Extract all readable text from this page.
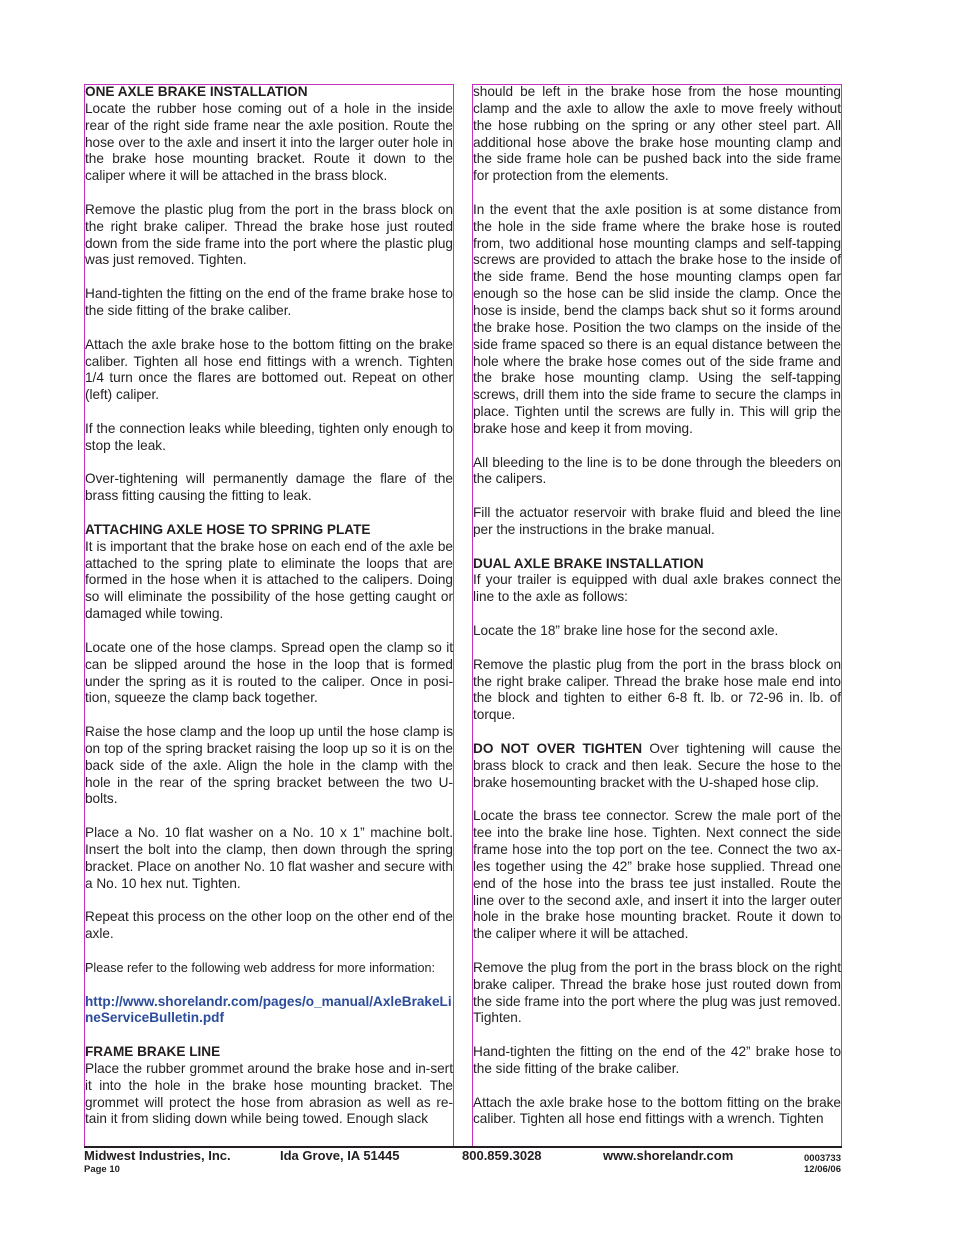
ONE AXLE BRAKE INSTALLATION

Locate the rubber hose coming out of a hole in the inside rear of the right side frame near the axle position. Route the hose over to the axle and insert it into the larger outer hole in the brake hose mounting bracket. Route it down to the caliper where it will be attached in the brass block.

Remove the plastic plug from the port in the brass block on the right brake caliper. Thread the brake hose just routed down from the side frame into the port where the plastic plug was just removed. Tighten.

Hand-tighten the fitting on the end of the frame brake hose to the side fitting of the brake caliber.

Attach the axle brake hose to the bottom fitting on the brake caliber. Tighten all hose end fittings with a wrench. Tighten 1/4 turn once the flares are bottomed out. Repeat on other (left) caliper.

If the connection leaks while bleeding, tighten only enough to stop the leak.

Over-tightening will permanently damage the flare of the brass fitting causing the fitting to leak.

ATTACHING AXLE HOSE TO SPRING PLATE

It is important that the brake hose on each end of the axle be attached to the spring plate to eliminate the loops that are formed in the hose when it is attached to the calipers. Doing so will eliminate the possibility of the hose getting caught or damaged while towing.

Locate one of the hose clamps. Spread open the clamp so it can be slipped around the hose in the loop that is formed under the spring as it is routed to the caliper. Once in posi-tion, squeeze the clamp back together.

Raise the hose clamp and the loop up until the hose clamp is on top of the spring bracket raising the loop up so it is on the back side of the axle. Align the hole in the clamp with the hole in the rear of the spring bracket between the two U-bolts.

Place a No. 10 flat washer on a No. 10 x 1” machine bolt. Insert the bolt into the clamp, then down through the spring bracket. Place on another No. 10 flat washer and secure with a No. 10 hex nut. Tighten.

Repeat this process on the other loop on the other end of the axle.

Please refer to the following web address for more information:

http://www.shorelandr.com/pages/o_manual/AxleBrakeLineServiceBulletin.pdf

FRAME BRAKE LINE

Place the rubber grommet around the brake hose and in-sert it into the hole in the brake hose mounting bracket. The grommet will protect the hose from abrasion as well as re-tain it from sliding down while being towed. Enough slack

should be left in the brake hose from the hose mounting clamp and the axle to allow the axle to move freely without the hose rubbing on the spring or any other steel part. All additional hose above the brake hose mounting clamp and the side frame hole can be pushed back into the side frame for protection from the elements.

In the event that the axle position is at some distance from the hole in the side frame where the brake hose is routed from, two additional hose mounting clamps and self-tapping screws are provided to attach the brake hose to the inside of the side frame. Bend the hose mounting clamps open far enough so the hose can be slid inside the clamp. Once the hose is inside, bend the clamps back shut so it forms around the brake hose. Position the two clamps on the inside of the side frame spaced so there is an equal distance between the hole where the brake hose comes out of the side frame and the brake hose mounting clamp. Using the self-tapping screws, drill them into the side frame to secure the clamps in place. Tighten until the screws are fully in. This will grip the brake hose and keep it from moving.

All bleeding to the line is to be done through the bleeders on the calipers.

Fill the actuator reservoir with brake fluid and bleed the line per the instructions in the brake manual.

DUAL AXLE BRAKE INSTALLATION

If your trailer is equipped with dual axle brakes connect the line to the axle as follows:

Locate the 18” brake line hose for the second axle.

Remove the plastic plug from the port in the brass block on the right brake caliper. Thread the brake hose male end into the block and tighten to either 6-8 ft. lb. or 72-96 in. lb. of torque.

DO NOT OVER TIGHTEN Over tightening will cause the brass block to crack and then leak. Secure the hose to the brake hosemounting bracket with the U-shaped hose clip.

Locate the brass tee connector. Screw the male port of the tee into the brake line hose. Tighten. Next connect the side frame hose into the top port on the tee. Connect the two ax-les together using the 42” brake hose supplied. Thread one end of the hose into the brass tee just installed. Route the line over to the second axle, and insert it into the larger outer hole in the brake hose mounting bracket. Route it down to the caliper where it will be attached.

Remove the plug from the port in the brass block on the right brake caliper. Thread the brake hose just routed down from the side frame into the port where the plug was just removed. Tighten.

Hand-tighten the fitting on the end of the 42” brake hose to the side fitting of the brake caliber.

Attach the axle brake hose to the bottom fitting on the brake caliber. Tighten all hose end fittings with a wrench. Tighten

Midwest Industries, Inc.	Ida Grove, IA 51445	800.859.3028	www.shorelandr.com
Page 10
0003733
12/06/06
